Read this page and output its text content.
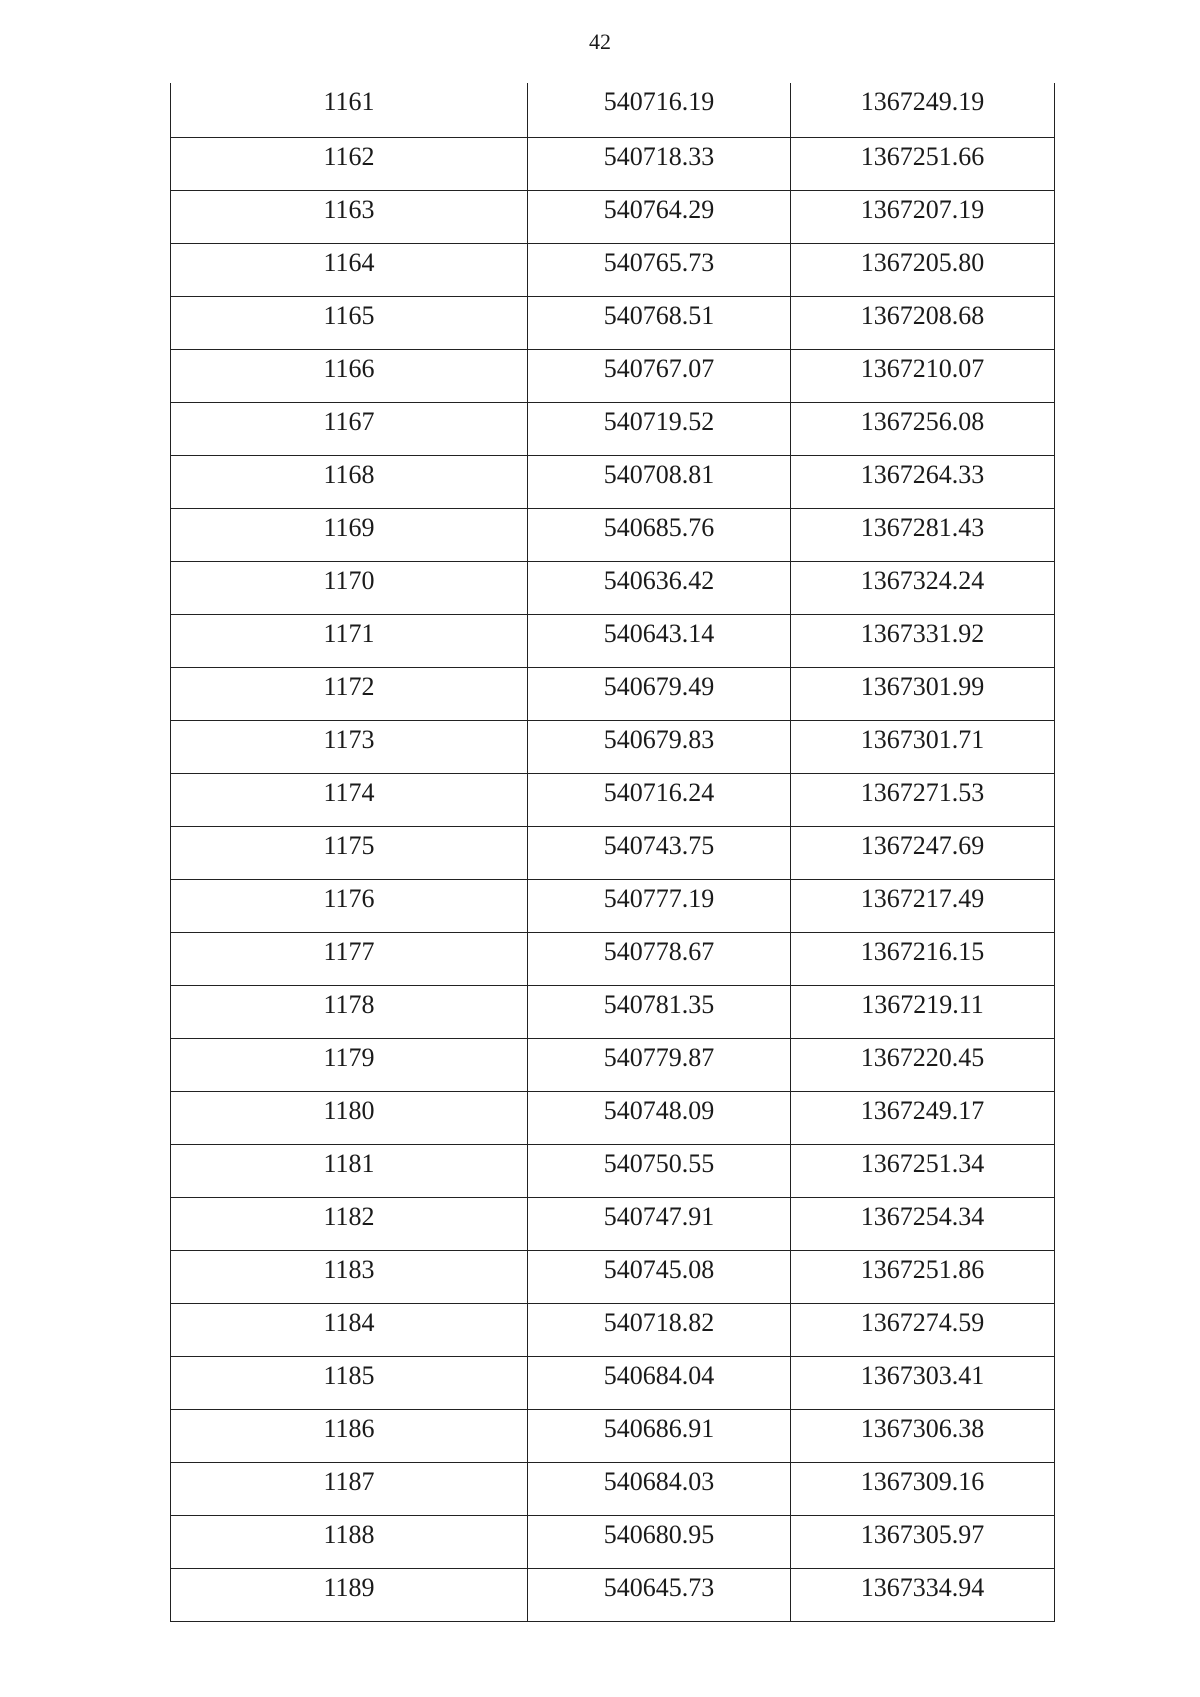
42
1161	540716.19	1367249.19
1162	540718.33	1367251.66
1163	540764.29	1367207.19
1164	540765.73	1367205.80
1165	540768.51	1367208.68
1166	540767.07	1367210.07
1167	540719.52	1367256.08
1168	540708.81	1367264.33
1169	540685.76	1367281.43
1170	540636.42	1367324.24
1171	540643.14	1367331.92
1172	540679.49	1367301.99
1173	540679.83	1367301.71
1174	540716.24	1367271.53
1175	540743.75	1367247.69
1176	540777.19	1367217.49
1177	540778.67	1367216.15
1178	540781.35	1367219.11
1179	540779.87	1367220.45
1180	540748.09	1367249.17
1181	540750.55	1367251.34
1182	540747.91	1367254.34
1183	540745.08	1367251.86
1184	540718.82	1367274.59
1185	540684.04	1367303.41
1186	540686.91	1367306.38
1187	540684.03	1367309.16
1188	540680.95	1367305.97
1189	540645.73	1367334.94
